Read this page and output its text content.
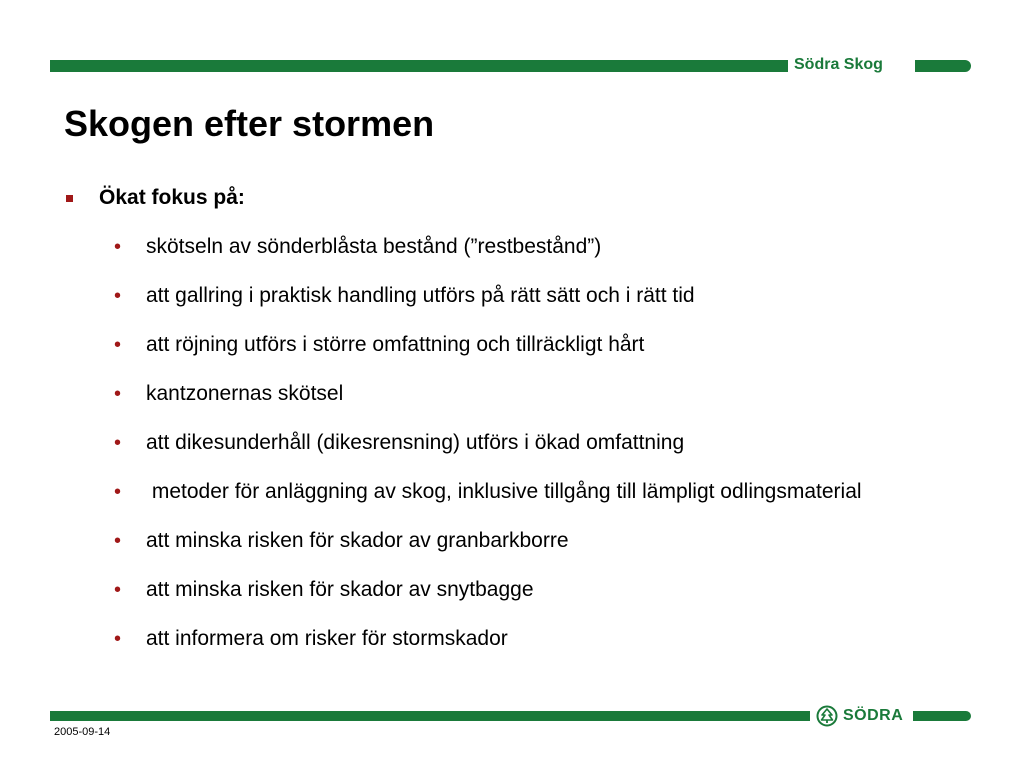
Södra Skog
Skogen efter stormen
Ökat fokus på:
•	skötseln av sönderblåsta bestånd (”restbestånd”)
•	att gallring i praktisk handling utförs på rätt sätt och i rätt tid
•	att röjning utförs i större omfattning och tillräckligt hårt
•	kantzonernas skötsel
•	att dikesunderhåll (dikesrensning) utförs i ökad omfattning
•	metoder för anläggning av skog, inklusive tillgång till lämpligt odlingsmaterial
•	att minska risken för skador av granbarkborre
•	att minska risken för skador av snytbagge
•	att informera om risker för stormskador
SÖDRA
2005-09-14
